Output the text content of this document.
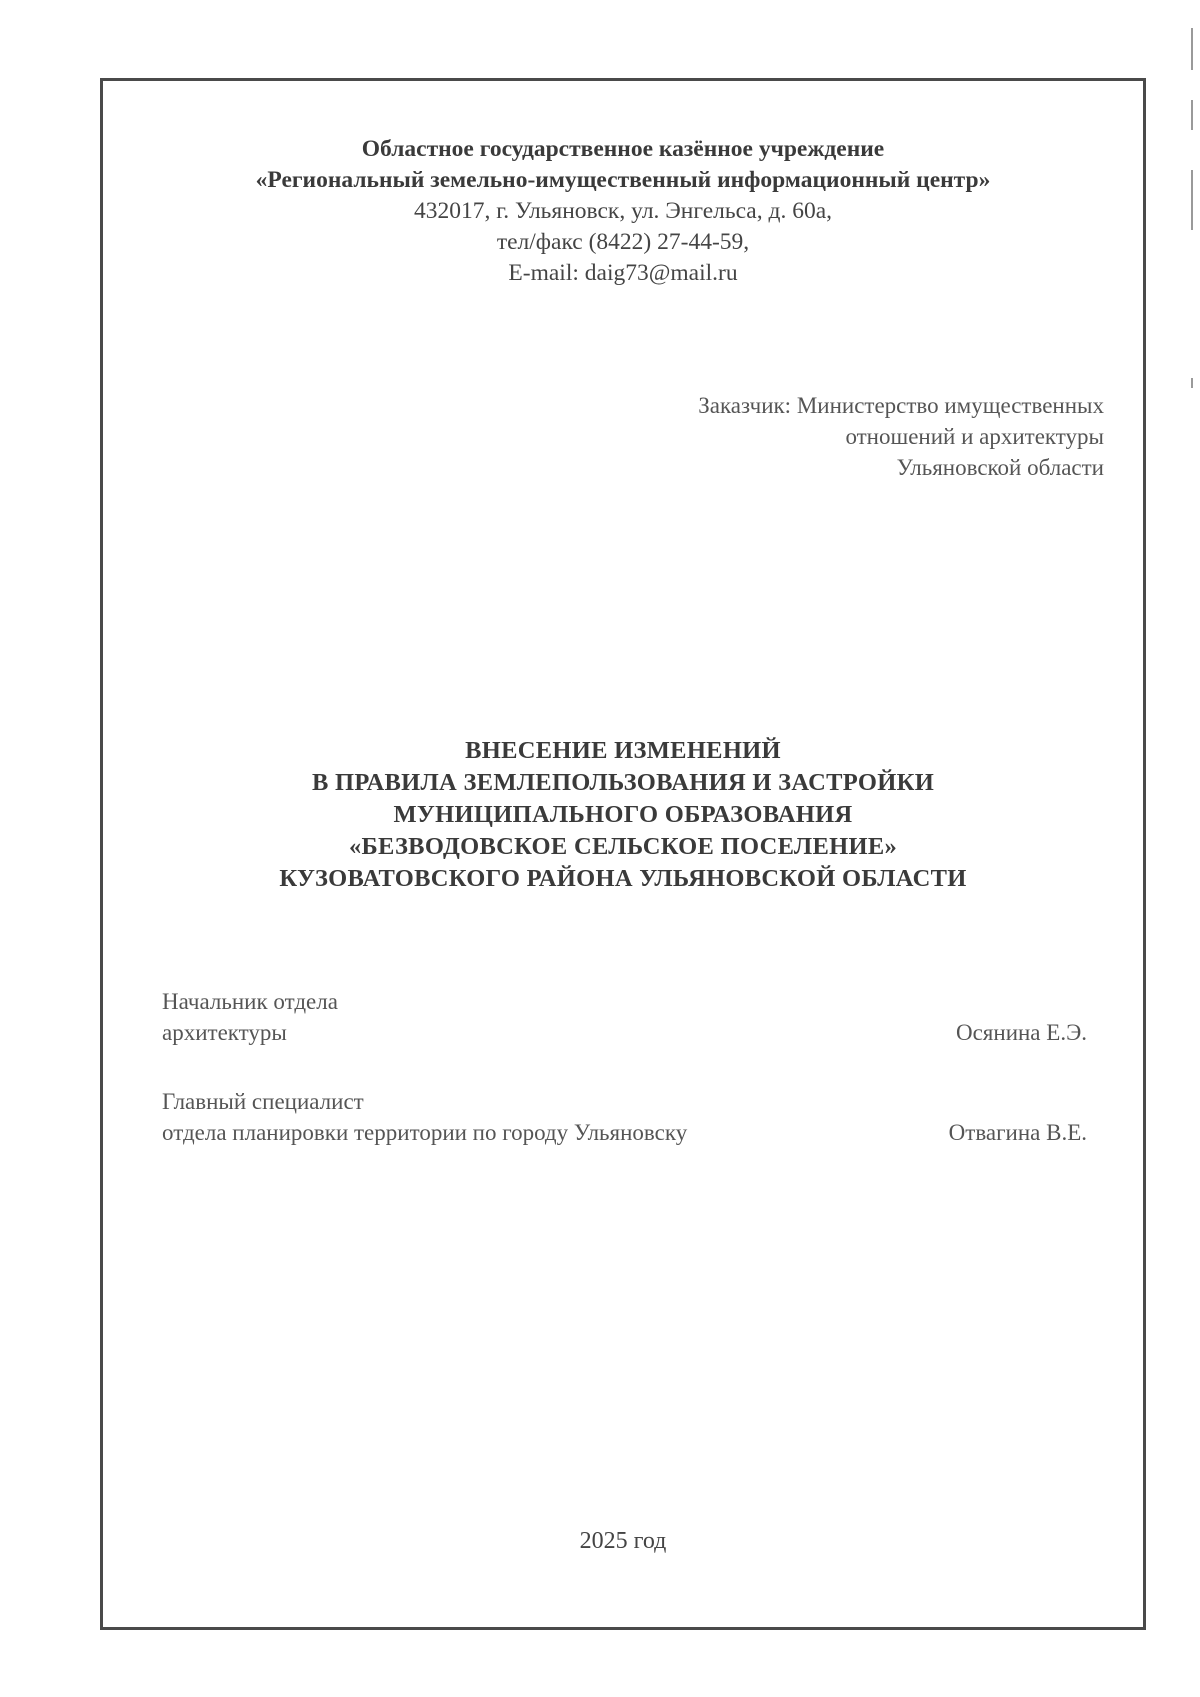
Областное государственное казённое учреждение
«Региональный земельно-имущественный информационный центр»
432017, г. Ульяновск, ул. Энгельса, д. 60а,
тел/факс (8422) 27-44-59,
E-mail: daig73@mail.ru
Заказчик: Министерство имущественных
отношений и архитектуры
Ульяновской области
ВНЕСЕНИЕ ИЗМЕНЕНИЙ
В ПРАВИЛА ЗЕМЛЕПОЛЬЗОВАНИЯ И ЗАСТРОЙКИ
МУНИЦИПАЛЬНОГО ОБРАЗОВАНИЯ
«БЕЗВОДОВСКОЕ СЕЛЬСКОЕ ПОСЕЛЕНИЕ»
КУЗОВАТОВСКОГО РАЙОНА УЛЬЯНОВСКОЙ ОБЛАСТИ
Начальник отдела
архитектуры	Осянина Е.Э.
Главный специалист
отдела планировки территории по городу Ульяновску	Отвагина В.Е.
2025 год
